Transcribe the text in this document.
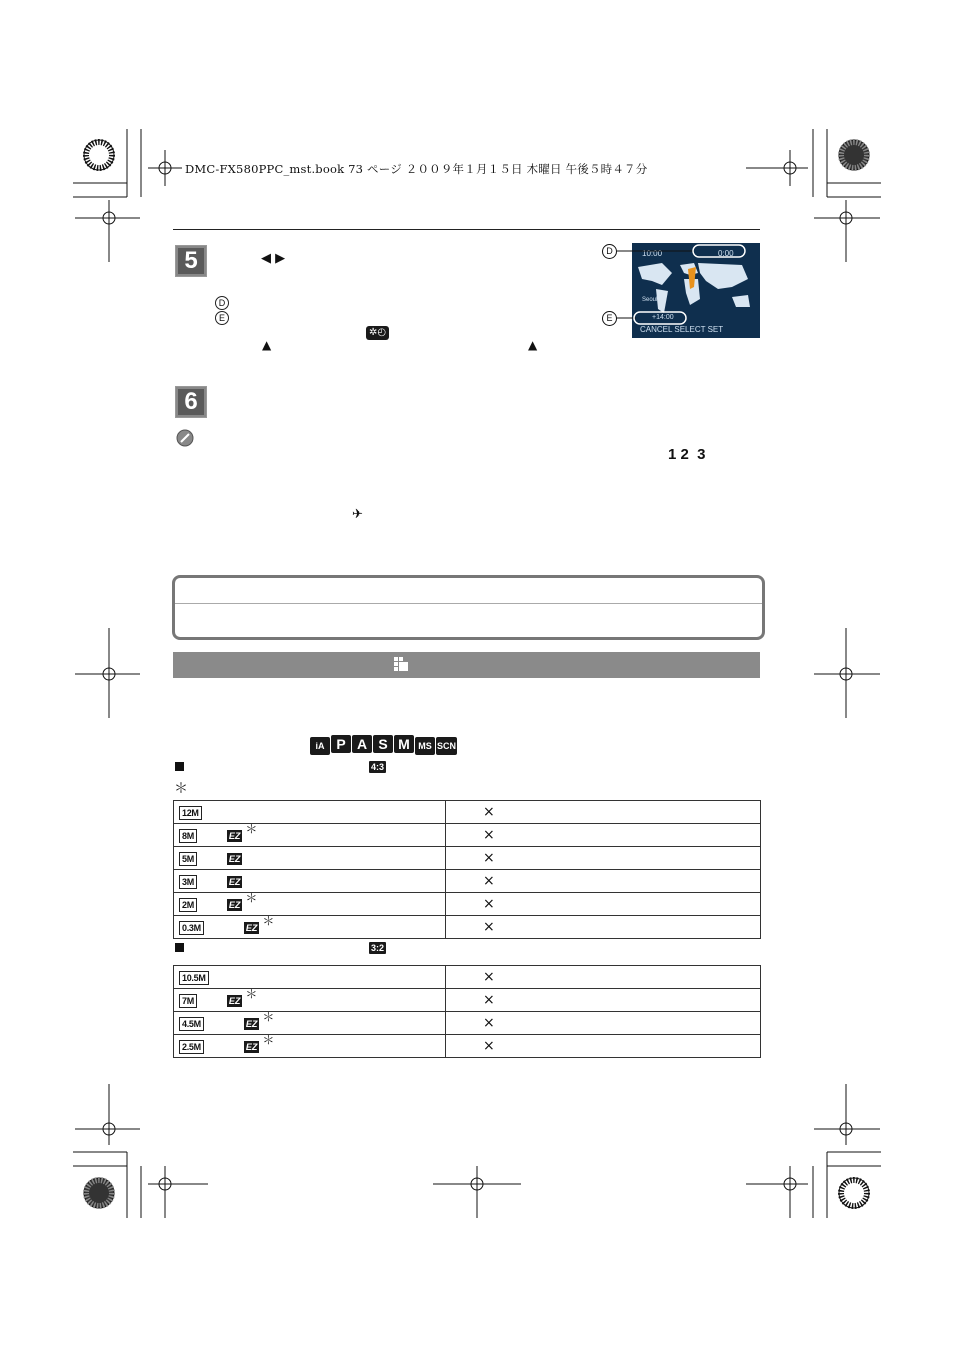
DMC-FX580PPC_mst.book 73 ページ ２００９年１月１５日 木曜日 午後５時４７分
5	◀ ▶
D
E
✲◴
▲	▲
10:00	0:00
Seoul
+14:00
CANCEL SELECT SET
D
E
6
1 2  3
✈
iA P A S M MS SCN
4:3
＊
12M	×
8M EZ ＊	×
5M EZ	×
3M EZ	×
2M EZ ＊	×
0.3M EZ ＊	×
3:2
10.5M	×
7M EZ ＊	×
4.5M EZ ＊	×
2.5M EZ ＊	×
